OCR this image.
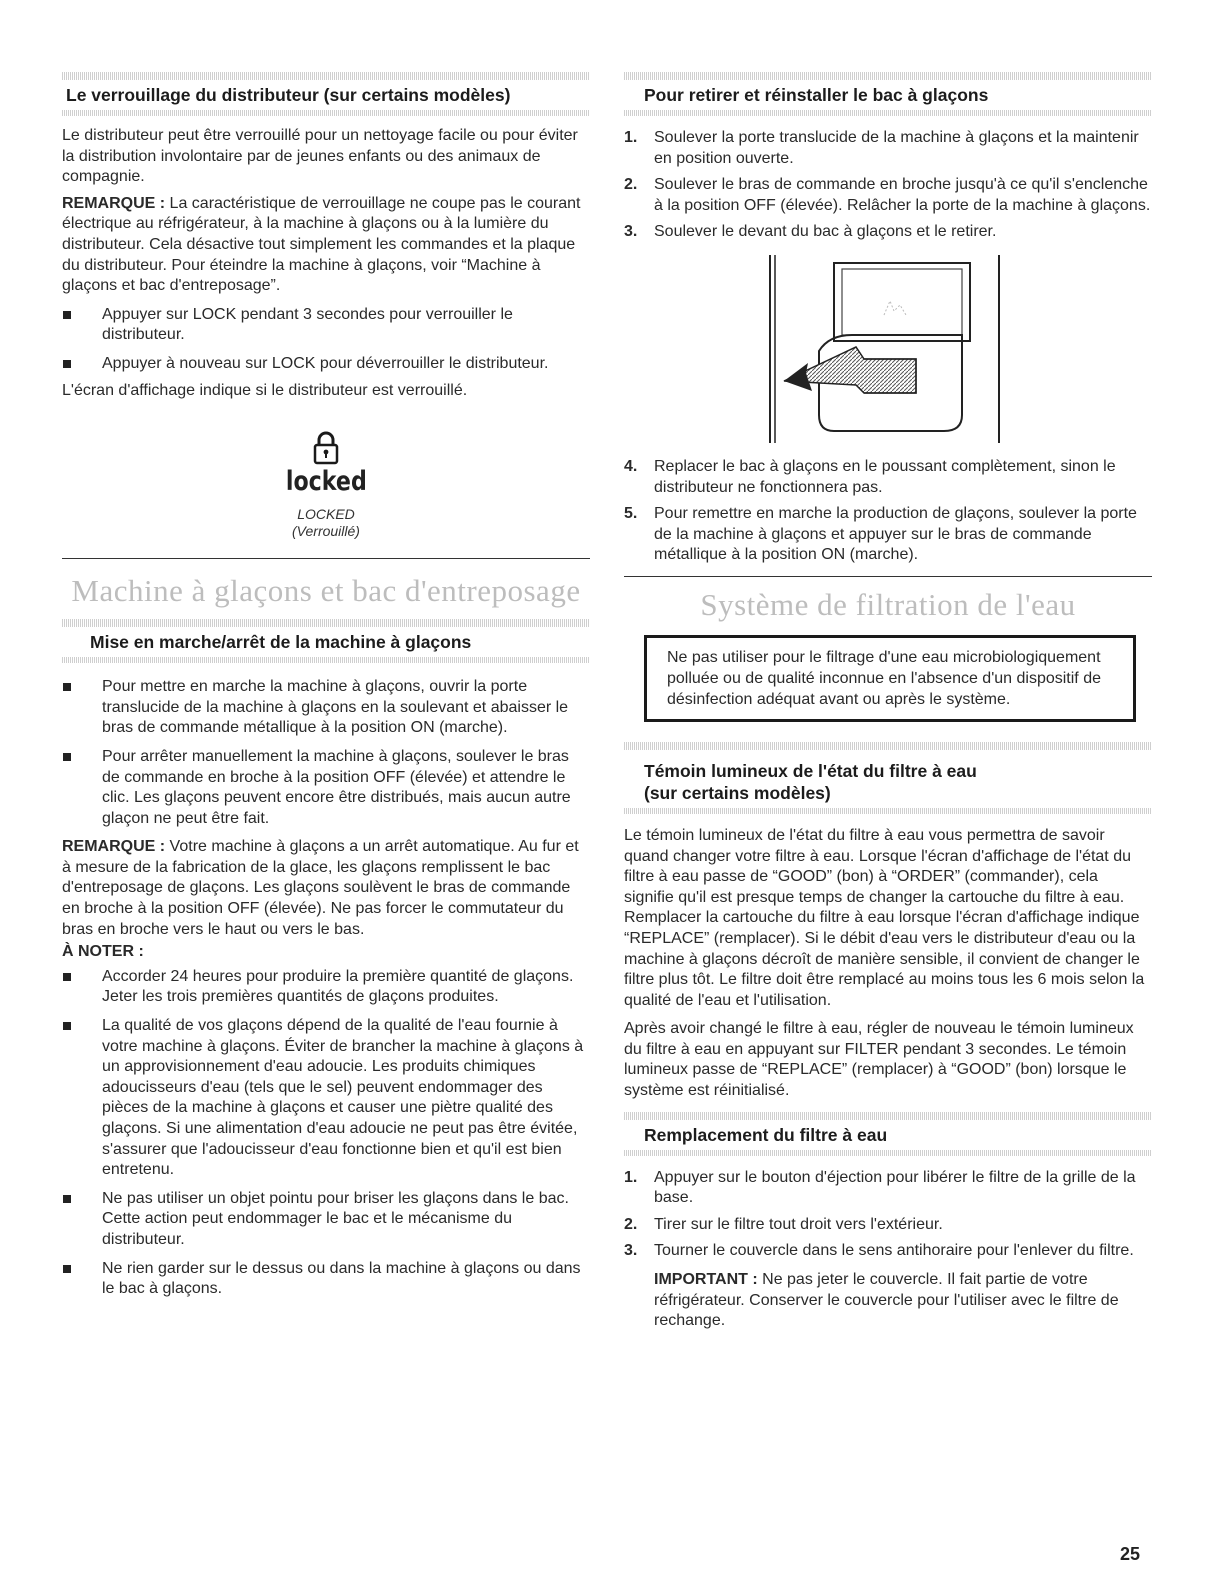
Le verrouillage du distributeur (sur certains modèles)

Le distributeur peut être verrouillé pour un nettoyage facile ou pour éviter la distribution involontaire par de jeunes enfants ou des animaux de compagnie.

REMARQUE : La caractéristique de verrouillage ne coupe pas le courant électrique au réfrigérateur, à la machine à glaçons ou à la lumière du distributeur. Cela désactive tout simplement les commandes et la plaque du distributeur. Pour éteindre la machine à glaçons, voir “Machine à glaçons et bac d'entreposage”.

Appuyer sur LOCK pendant 3 secondes pour verrouiller le distributeur.
Appuyer à nouveau sur LOCK pour déverrouiller le distributeur.

L'écran d'affichage indique si le distributeur est verrouillé.

locked
LOCKED
(Verrouillé)
Machine à glaçons et bac d'entreposage
Mise en marche/arrêt de la machine à glaçons
Pour mettre en marche la machine à glaçons, ouvrir la porte translucide de la machine à glaçons en la soulevant et abaisser le bras de commande métallique à la position ON (marche).
Pour arrêter manuellement la machine à glaçons, soulever le bras de commande en broche à la position OFF (élevée) et attendre le clic. Les glaçons peuvent encore être distribués, mais aucun autre glaçon ne peut être fait.

REMARQUE : Votre machine à glaçons a un arrêt automatique. Au fur et à mesure de la fabrication de la glace, les glaçons remplissent le bac d'entreposage de glaçons. Les glaçons soulèvent le bras de commande en broche à la position OFF (élevée). Ne pas forcer le commutateur du bras en broche vers le haut ou vers le bas.

À NOTER :

Accorder 24 heures pour produire la première quantité de glaçons. Jeter les trois premières quantités de glaçons produites.
La qualité de vos glaçons dépend de la qualité de l'eau fournie à votre machine à glaçons. Éviter de brancher la machine à glaçons à un approvisionnement d'eau adoucie. Les produits chimiques adoucisseurs d'eau (tels que le sel) peuvent endommager des pièces de la machine à glaçons et causer une piètre qualité des glaçons. Si une alimentation d'eau adoucie ne peut pas être évitée, s'assurer que l'adoucisseur d'eau fonctionne bien et qu'il est bien entretenu.
Ne pas utiliser un objet pointu pour briser les glaçons dans le bac. Cette action peut endommager le bac et le mécanisme du distributeur.
Ne rien garder sur le dessus ou dans la machine à glaçons ou dans le bac à glaçons.
Pour retirer et réinstaller le bac à glaçons
1. Soulever la porte translucide de la machine à glaçons et la maintenir en position ouverte.
2. Soulever le bras de commande en broche jusqu'à ce qu'il s'enclenche à la position OFF (élevée). Relâcher la porte de la machine à glaçons.
3. Soulever le devant du bac à glaçons et le retirer.
4. Replacer le bac à glaçons en le poussant complètement, sinon le distributeur ne fonctionnera pas.
5. Pour remettre en marche la production de glaçons, soulever la porte de la machine à glaçons et appuyer sur le bras de commande métallique à la position ON (marche).
Système de filtration de l'eau

Ne pas utiliser pour le filtrage d'une eau microbiologiquement polluée ou de qualité inconnue en l'absence d'un dispositif de désinfection adéquat avant ou après le système.

Témoin lumineux de l'état du filtre à eau
(sur certains modèles)

Le témoin lumineux de l'état du filtre à eau vous permettra de savoir quand changer votre filtre à eau. Lorsque l'écran d'affichage de l'état du filtre à eau passe de “GOOD” (bon) à “ORDER” (commander), cela signifie qu'il est presque temps de changer la cartouche du filtre à eau. Remplacer la cartouche du filtre à eau lorsque l'écran d'affichage indique “REPLACE” (remplacer). Si le débit d'eau vers le distributeur d'eau ou la machine à glaçons décroît de manière sensible, il convient de changer le filtre plus tôt. Le filtre doit être remplacé au moins tous les 6 mois selon la qualité de l'eau et l'utilisation.

Après avoir changé le filtre à eau, régler de nouveau le témoin lumineux du filtre à eau en appuyant sur FILTER pendant 3 secondes. Le témoin lumineux passe de “REPLACE” (remplacer) à “GOOD” (bon) lorsque le système est réinitialisé.

Remplacement du filtre à eau
1. Appuyer sur le bouton d'éjection pour libérer le filtre de la grille de la base.
2. Tirer sur le filtre tout droit vers l'extérieur.
3. Tourner le couvercle dans le sens antihoraire pour l'enlever du filtre.

IMPORTANT : Ne pas jeter le couvercle. Il fait partie de votre réfrigérateur. Conserver le couvercle pour l'utiliser avec le filtre de rechange.

25
